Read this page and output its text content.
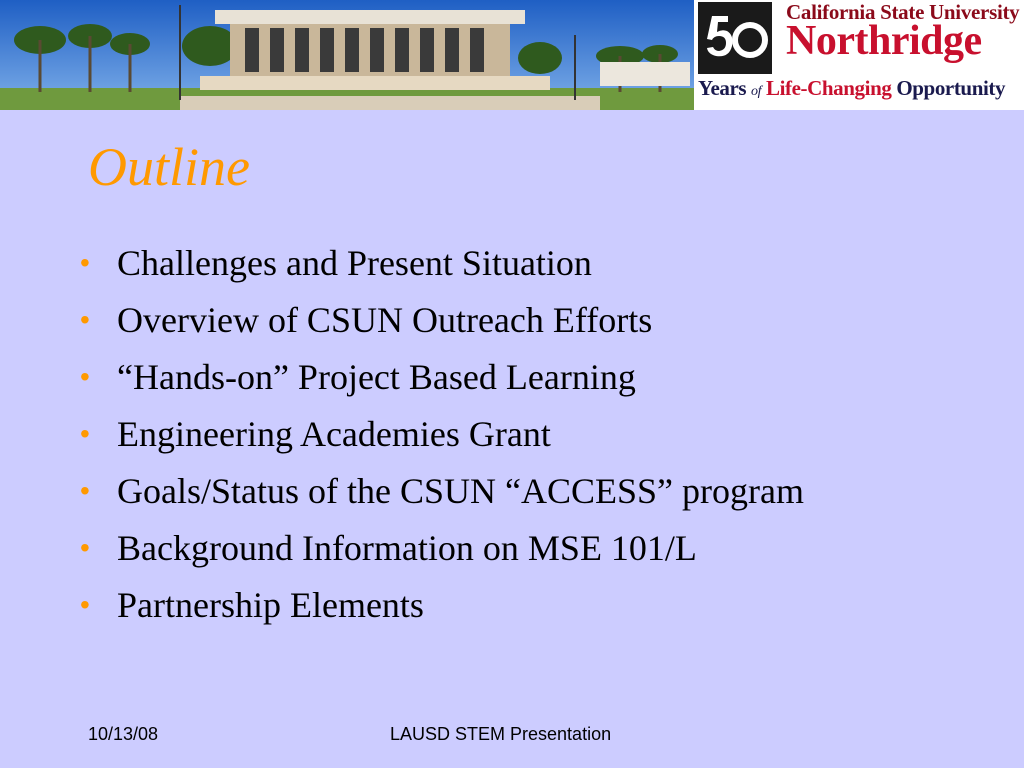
California State University
Northridge
Years of Life-Changing Opportunity
Outline
• Challenges and Present Situation
• Overview of CSUN Outreach Efforts
• “Hands-on” Project Based Learning
• Engineering Academies Grant
• Goals/Status of the CSUN “ACCESS” program
• Background Information on MSE 101/L
• Partnership Elements
10/13/08	LAUSD STEM Presentation
